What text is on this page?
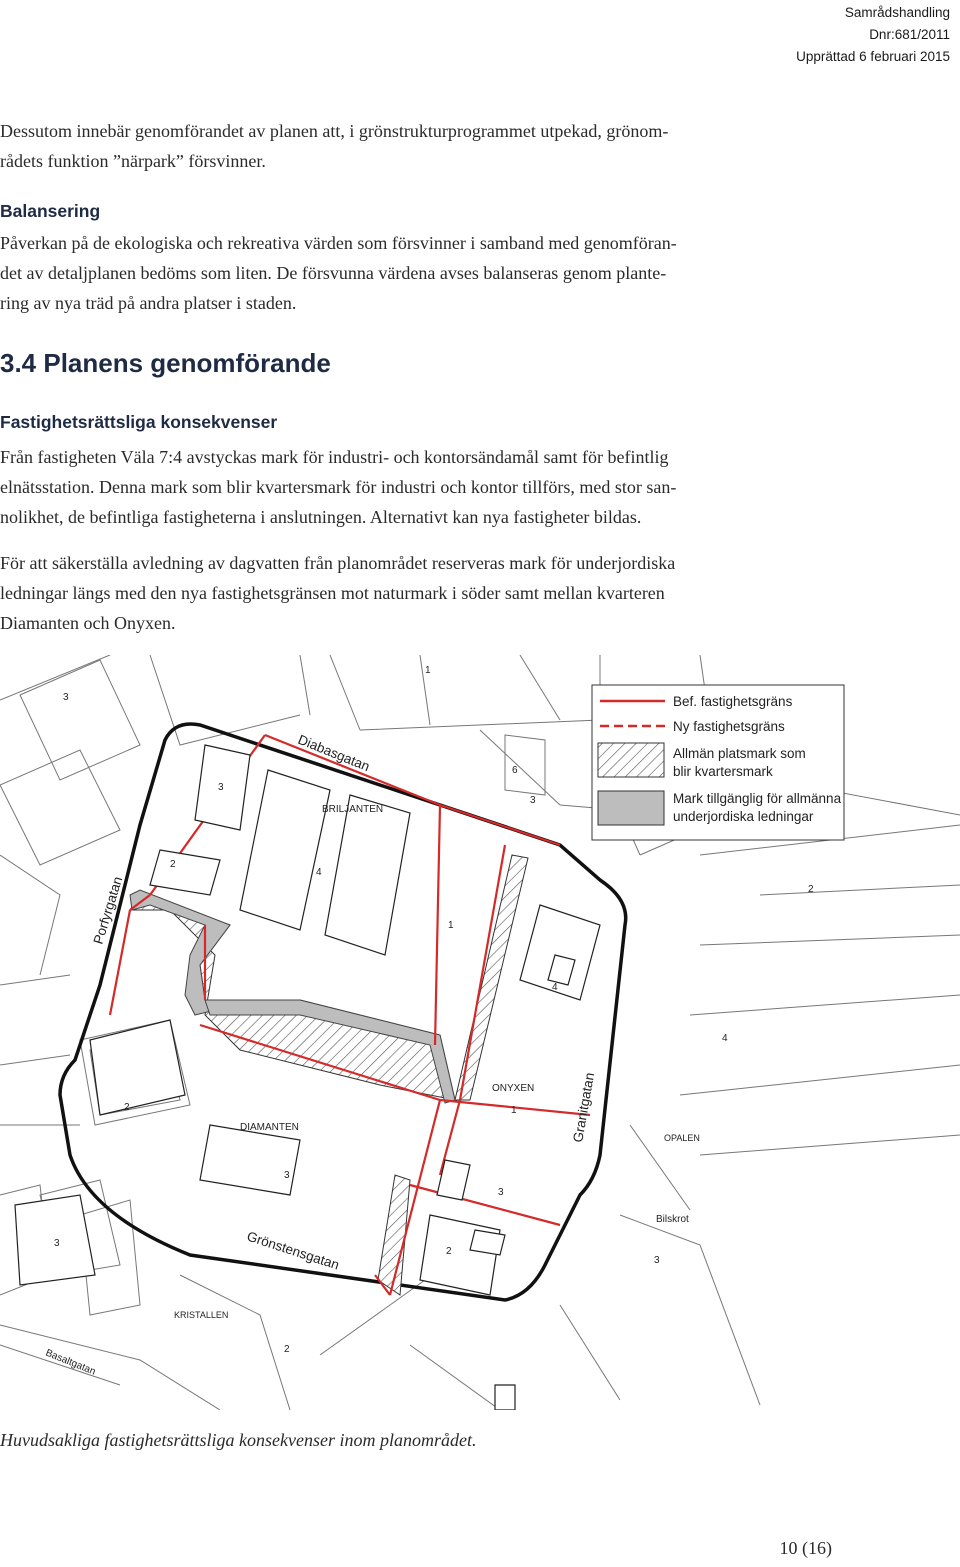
Samrådshandling
Dnr:681/2011
Upprättad 6 februari 2015

Dessutom innebär genomförandet av planen att, i grönstrukturprogrammet utpekad, grönom-
rådets funktion ”närpark” försvinner.

Balansering

Påverkan på de ekologiska och rekreativa värden som försvinner i samband med genomföran-
det av detaljplanen bedöms som liten. De försvunna värdena avses balanseras genom plante-
ring av nya träd på andra platser i staden.

3.4 Planens genomförande
Fastighetsrättsliga konsekvenser

Från fastigheten Väla 7:4 avstyckas mark för industri- och kontorsändamål samt för befintlig
elnätsstation. Denna mark som blir kvartersmark för industri och kontor tillförs, med stor san-
nolikhet, de befintliga fastigheterna i anslutningen. Alternativt kan nya fastigheter bildas.

För att säkerställa avledning av dagvatten från planområdet reserveras mark för underjordiska
ledningar längs med den nya fastighetsgränsen mot naturmark i söder samt mellan kvarteren
Diamanten och Onyxen.

Bef. fastighetsgräns
Ny fastighetsgräns
Allmän platsmark som
blir kvartersmark
Mark tillgänglig för allmänna
underjordiska ledningar
Diabasgatan
Porfyrgatan
Granitgatan
Grönstensgatan
Basaltgatan
BRILJANTEN
ONYXEN
DIAMANTEN
OPALEN
KRISTALLEN
Bilskrot
3
1
3
6
3
2
4
2
1
4
4
2	1
3
3
3
2
3
2
Huvudsakliga fastighetsrättsliga konsekvenser inom planområdet.
10 (16)
